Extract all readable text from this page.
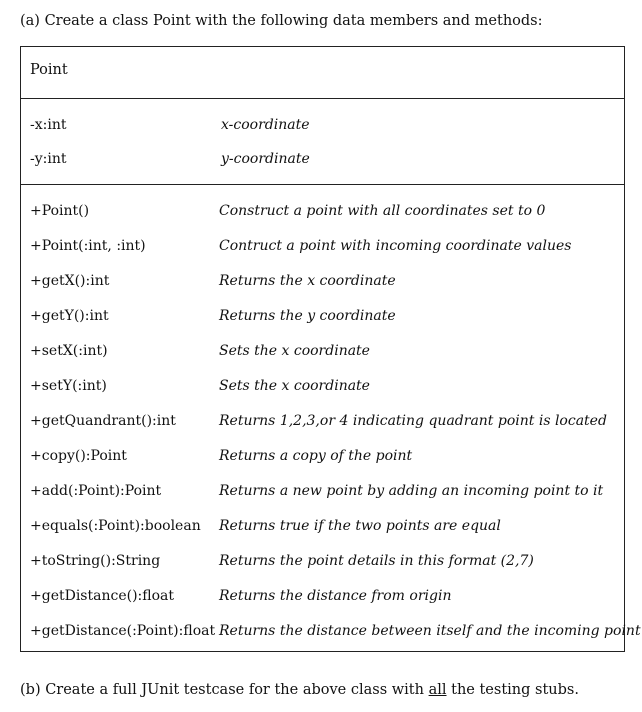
(a) Create a class Point with the following data members and methods:
Point
-x:int	x-coordinate
-y:int	y-coordinate
+Point()	Construct a point with all coordinates set to 0
+Point(:int, :int)	Contruct a point with incoming coordinate values
+getX():int	Returns the x coordinate
+getY():int	Returns the y coordinate
+setX(:int)	Sets the x coordinate
+setY(:int)	Sets the x coordinate
+getQuandrant():int	Returns 1,2,3,or 4 indicating quadrant point is located
+copy():Point	Returns a copy of the point
+add(:Point):Point	Returns a new point by adding an incoming point to it
+equals(:Point):boolean Returns true if the two points are equal
+toString():String	Returns the point details in this format (2,7)
+getDistance():float	Returns the distance from origin
+getDistance(:Point):float Returns the distance between itself and the incoming point
(b) Create a full JUnit testcase for the above class with all the testing stubs.
